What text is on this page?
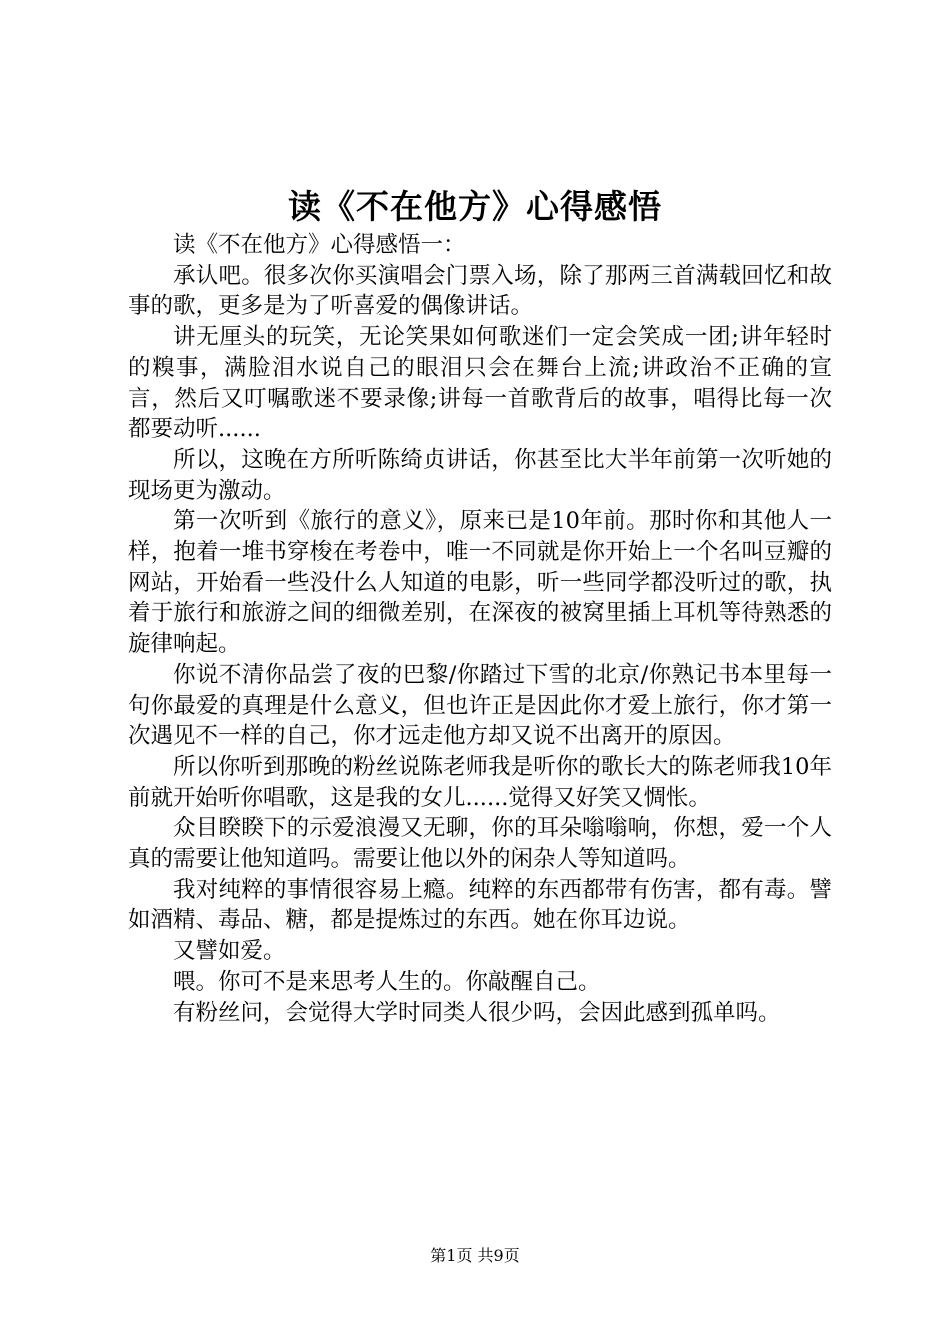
读《不在他方》心得感悟

读《不在他方》心得感悟一：

承认吧。很多次你买演唱会门票入场，除了那两三首满载回忆和故事的歌，更多是为了听喜爱的偶像讲话。

讲无厘头的玩笑，无论笑果如何歌迷们一定会笑成一团;讲年轻时的糗事，满脸泪水说自己的眼泪只会在舞台上流;讲政治不正确的宣言，然后又叮嘱歌迷不要录像;讲每一首歌背后的故事，唱得比每一次都要动听......

所以，这晚在方所听陈绮贞讲话，你甚至比大半年前第一次听她的现场更为激动。

第一次听到《旅行的意义》，原来已是10年前。那时你和其他人一样，抱着一堆书穿梭在考卷中，唯一不同就是你开始上一个名叫豆瓣的网站，开始看一些没什么人知道的电影，听一些同学都没听过的歌，执着于旅行和旅游之间的细微差别，在深夜的被窝里插上耳机等待熟悉的旋律响起。

你说不清你品尝了夜的巴黎/你踏过下雪的北京/你熟记书本里每一句你最爱的真理是什么意义，但也许正是因此你才爱上旅行，你才第一次遇见不一样的自己，你才远走他方却又说不出离开的原因。

所以你听到那晚的粉丝说陈老师我是听你的歌长大的陈老师我10年前就开始听你唱歌，这是我的女儿......觉得又好笑又惆怅。

众目睽睽下的示爱浪漫又无聊，你的耳朵嗡嗡响，你想，爱一个人真的需要让他知道吗。需要让他以外的闲杂人等知道吗。

我对纯粹的事情很容易上瘾。纯粹的东西都带有伤害，都有毒。譬如酒精、毒品、糖，都是提炼过的东西。她在你耳边说。

又譬如爱。

喂。你可不是来思考人生的。你敲醒自己。

有粉丝问，会觉得大学时同类人很少吗，会因此感到孤单吗。

第1页 共9页
